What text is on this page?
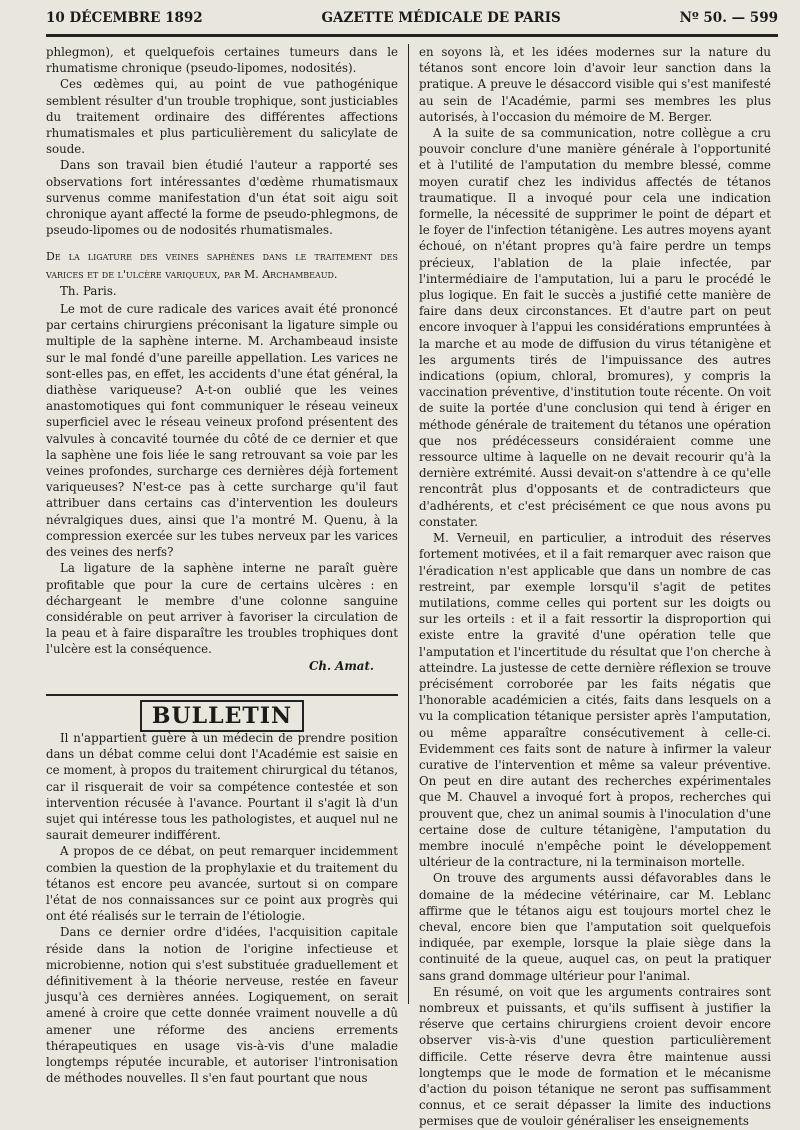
10 DÉCEMBRE 1892	GAZETTE MÉDICALE DE PARIS	Nº 50. — 599

phlegmon), et quelquefois certaines tumeurs dans le rhumatisme chronique (pseudo-lipomes, nodosités).

Ces œdèmes qui, au point de vue pathogénique semblent résulter d'un trouble trophique, sont justiciables du traitement ordinaire des différentes affections rhumatismales et plus particulièrement du salicylate de soude.

Dans son travail bien étudié l'auteur a rapporté ses observations fort intéressantes d'œdème rhumatismaux survenus comme manifestation d'un état soit aigu soit chronique ayant affecté la forme de pseudo-phlegmons, de pseudo-lipomes ou de nodosités rhumatismales.

De la ligature des veines saphènes dans le traitement des varices et de l'ulcère variqueux, par M. Archambeaud.

Th. Paris.

Le mot de cure radicale des varices avait été prononcé par certains chirurgiens préconisant la ligature simple ou multiple de la saphène interne. M. Archambeaud insiste sur le mal fondé d'une pareille appellation. Les varices ne sont-elles pas, en effet, les accidents d'une état général, la diathèse variqueuse? A-t-on oublié que les veines anastomotiques qui font communiquer le réseau veineux superficiel avec le réseau veineux profond présentent des valvules à concavité tournée du côté de ce dernier et que la saphène une fois liée le sang retrouvant sa voie par les veines profondes, surcharge ces dernières déjà fortement variqueuses? N'est-ce pas à cette surcharge qu'il faut attribuer dans certains cas d'intervention les douleurs névralgiques dues, ainsi que l'a montré M. Quenu, à la compression exercée sur les tubes nerveux par les varices des veines des nerfs?

La ligature de la saphène interne ne paraît guère profitable que pour la cure de certains ulcères : en déchargeant le membre d'une colonne sanguine considérable on peut arriver à favoriser la circulation de la peau et à faire disparaître les troubles trophiques dont l'ulcère est la conséquence.

Ch. Amat.

BULLETIN

Il n'appartient guère à un médecin de prendre position dans un débat comme celui dont l'Académie est saisie en ce moment, à propos du traitement chirurgical du tétanos, car il risquerait de voir sa compétence contestée et son intervention récusée à l'avance. Pourtant il s'agit là d'un sujet qui intéresse tous les pathologistes, et auquel nul ne saurait demeurer indifférent.

A propos de ce débat, on peut remarquer incidemment combien la question de la prophylaxie et du traitement du tétanos est encore peu avancée, surtout si on compare l'état de nos connaissances sur ce point aux progrès qui ont été réalisés sur le terrain de l'étiologie.

Dans ce dernier ordre d'idées, l'acquisition capitale réside dans la notion de l'origine infectieuse et microbienne, notion qui s'est substituée graduellement et définitivement à la théorie nerveuse, restée en faveur jusqu'à ces dernières années. Logiquement, on serait amené à croire que cette donnée vraiment nouvelle a dû amener une réforme des anciens errements thérapeutiques en usage vis-à-vis d'une maladie longtemps réputée incurable, et autoriser l'intronisation de méthodes nouvelles. Il s'en faut pourtant que nous

en soyons là, et les idées modernes sur la nature du tétanos sont encore loin d'avoir leur sanction dans la pratique. A preuve le désaccord visible qui s'est manifesté au sein de l'Académie, parmi ses membres les plus autorisés, à l'occasion du mémoire de M. Berger.

A la suite de sa communication, notre collègue a cru pouvoir conclure d'une manière générale à l'opportunité et à l'utilité de l'amputation du membre blessé, comme moyen curatif chez les individus affectés de tétanos traumatique. Il a invoqué pour cela une indication formelle, la nécessité de supprimer le point de départ et le foyer de l'infection tétanigène. Les autres moyens ayant échoué, on n'étant propres qu'à faire perdre un temps précieux, l'ablation de la plaie infectée, par l'intermédiaire de l'amputation, lui a paru le procédé le plus logique. En fait le succès a justifié cette manière de faire dans deux circonstances. Et d'autre part on peut encore invoquer à l'appui les considérations empruntées à la marche et au mode de diffusion du virus tétanigène et les arguments tirés de l'impuissance des autres indications (opium, chloral, bromures), y compris la vaccination préventive, d'institution toute récente. On voit de suite la portée d'une conclusion qui tend à ériger en méthode générale de traitement du tétanos une opération que nos prédécesseurs considéraient comme une ressource ultime à laquelle on ne devait recourir qu'à la dernière extrémité. Aussi devait-on s'attendre à ce qu'elle rencontrât plus d'opposants et de contradicteurs que d'adhérents, et c'est précisément ce que nous avons pu constater.

M. Verneuil, en particulier, a introduit des réserves fortement motivées, et il a fait remarquer avec raison que l'éradication n'est applicable que dans un nombre de cas restreint, par exemple lorsqu'il s'agit de petites mutilations, comme celles qui portent sur les doigts ou sur les orteils : et il a fait ressortir la disproportion qui existe entre la gravité d'une opération telle que l'amputation et l'incertitude du résultat que l'on cherche à atteindre. La justesse de cette dernière réflexion se trouve précisément corroborée par les faits négatis que l'honorable académicien a cités, faits dans lesquels on a vu la complication tétanique persister après l'amputation, ou même apparaître consécutivement à celle-ci. Evidemment ces faits sont de nature à infirmer la valeur curative de l'intervention et même sa valeur préventive. On peut en dire autant des recherches expérimentales que M. Chauvel a invoqué fort à propos, recherches qui prouvent que, chez un animal soumis à l'inoculation d'une certaine dose de culture tétanigène, l'amputation du membre inoculé n'empêche point le développement ultérieur de la contracture, ni la terminaison mortelle.

On trouve des arguments aussi défavorables dans le domaine de la médecine vétérinaire, car M. Leblanc affirme que le tétanos aigu est toujours mortel chez le cheval, encore bien que l'amputation soit quelquefois indiquée, par exemple, lorsque la plaie siège dans la continuité de la queue, auquel cas, on peut la pratiquer sans grand dommage ultérieur pour l'animal.

En résumé, on voit que les arguments contraires sont nombreux et puissants, et qu'ils suffisent à justifier la réserve que certains chirurgiens croient devoir encore observer vis-à-vis d'une question particulièrement difficile. Cette réserve devra être maintenue aussi longtemps que le mode de formation et le mécanisme d'action du poison tétanique ne seront pas suffisamment connus, et ce serait dépasser la limite des inductions permises que de vouloir généraliser les enseignements
